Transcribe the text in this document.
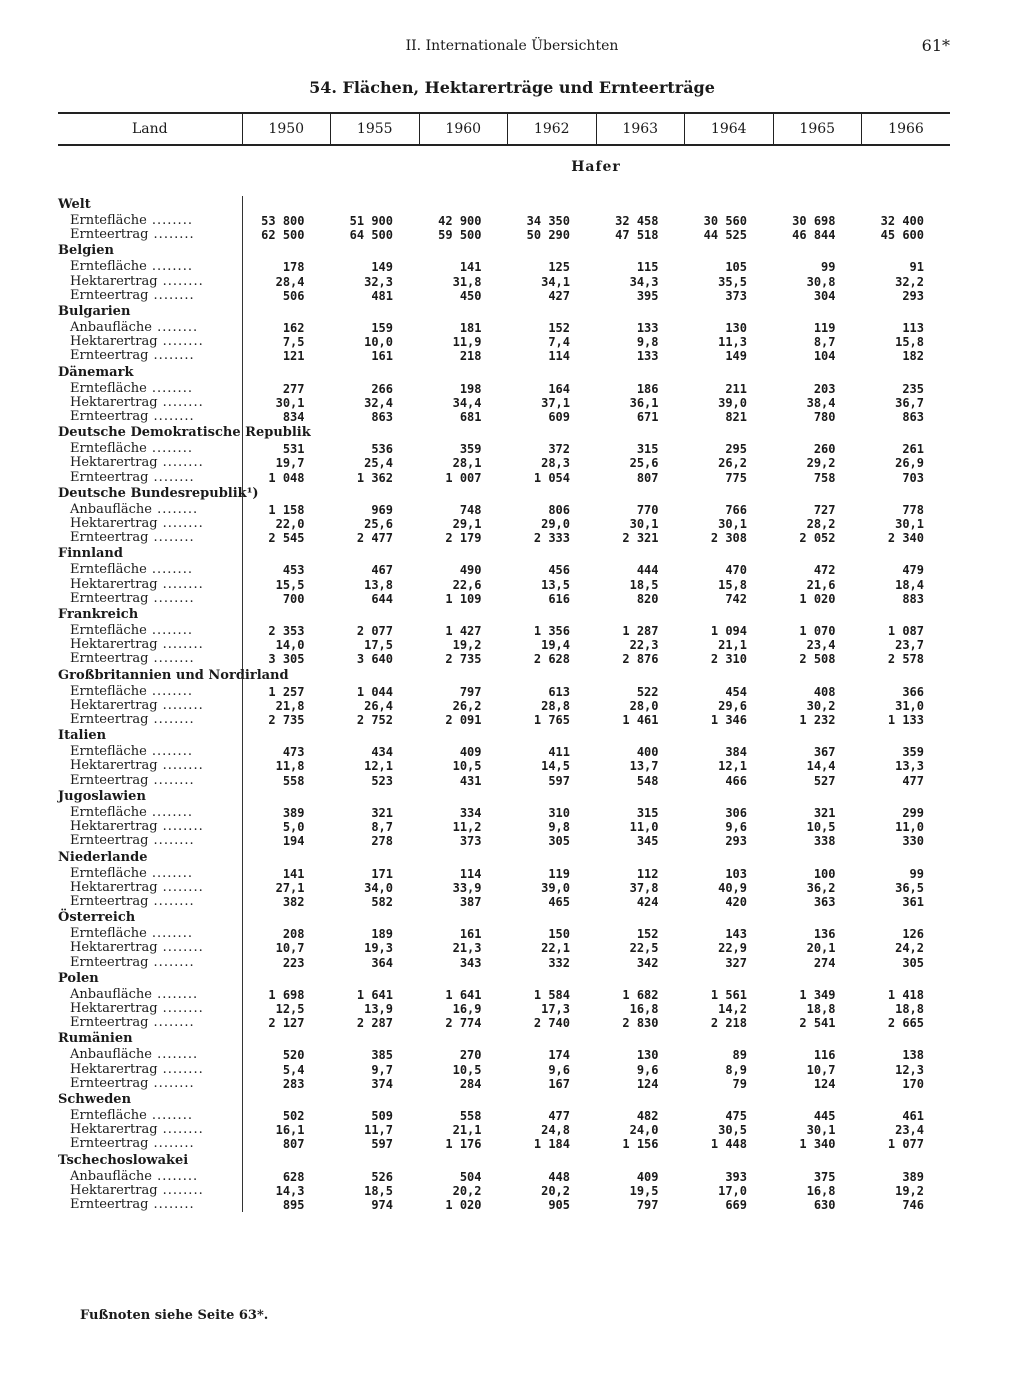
II. Internationale Übersichten	61*
54. Flächen, Hektarerträge und Ernteerträge
Land	1950	1955	1960	1962	1963	1964	1965	1966
	Hafer							
Welt								
Erntefläche ........	53 800	51 900	42 900	34 350	32 458	30 560	30 698	32 400
Ernteertrag ........	62 500	64 500	59 500	50 290	47 518	44 525	46 844	45 600
Belgien								
Erntefläche ........	178	149	141	125	115	105	99	91
Hektarertrag ........	28,4	32,3	31,8	34,1	34,3	35,5	30,8	32,2
Ernteertrag ........	506	481	450	427	395	373	304	293
Bulgarien								
Anbaufläche ........	162	159	181	152	133	130	119	113
Hektarertrag ........	7,5	10,0	11,9	7,4	9,8	11,3	8,7	15,8
Ernteertrag ........	121	161	218	114	133	149	104	182
Dänemark								
Erntefläche ........	277	266	198	164	186	211	203	235
Hektarertrag ........	30,1	32,4	34,4	37,1	36,1	39,0	38,4	36,7
Ernteertrag ........	834	863	681	609	671	821	780	863
Deutsche Demokratische Republik								
Erntefläche ........	531	536	359	372	315	295	260	261
Hektarertrag ........	19,7	25,4	28,1	28,3	25,6	26,2	29,2	26,9
Ernteertrag ........	1 048	1 362	1 007	1 054	807	775	758	703
Deutsche Bundesrepublik¹)								
Anbaufläche ........	1 158	969	748	806	770	766	727	778
Hektarertrag ........	22,0	25,6	29,1	29,0	30,1	30,1	28,2	30,1
Ernteertrag ........	2 545	2 477	2 179	2 333	2 321	2 308	2 052	2 340
Finnland								
Erntefläche ........	453	467	490	456	444	470	472	479
Hektarertrag ........	15,5	13,8	22,6	13,5	18,5	15,8	21,6	18,4
Ernteertrag ........	700	644	1 109	616	820	742	1 020	883
Frankreich								
Erntefläche ........	2 353	2 077	1 427	1 356	1 287	1 094	1 070	1 087
Hektarertrag ........	14,0	17,5	19,2	19,4	22,3	21,1	23,4	23,7
Ernteertrag ........	3 305	3 640	2 735	2 628	2 876	2 310	2 508	2 578
Großbritannien und Nordirland								
Erntefläche ........	1 257	1 044	797	613	522	454	408	366
Hektarertrag ........	21,8	26,4	26,2	28,8	28,0	29,6	30,2	31,0
Ernteertrag ........	2 735	2 752	2 091	1 765	1 461	1 346	1 232	1 133
Italien								
Erntefläche ........	473	434	409	411	400	384	367	359
Hektarertrag ........	11,8	12,1	10,5	14,5	13,7	12,1	14,4	13,3
Ernteertrag ........	558	523	431	597	548	466	527	477
Jugoslawien								
Erntefläche ........	389	321	334	310	315	306	321	299
Hektarertrag ........	5,0	8,7	11,2	9,8	11,0	9,6	10,5	11,0
Ernteertrag ........	194	278	373	305	345	293	338	330
Niederlande								
Erntefläche ........	141	171	114	119	112	103	100	99
Hektarertrag ........	27,1	34,0	33,9	39,0	37,8	40,9	36,2	36,5
Ernteertrag ........	382	582	387	465	424	420	363	361
Österreich								
Erntefläche ........	208	189	161	150	152	143	136	126
Hektarertrag ........	10,7	19,3	21,3	22,1	22,5	22,9	20,1	24,2
Ernteertrag ........	223	364	343	332	342	327	274	305
Polen								
Anbaufläche ........	1 698	1 641	1 641	1 584	1 682	1 561	1 349	1 418
Hektarertrag ........	12,5	13,9	16,9	17,3	16,8	14,2	18,8	18,8
Ernteertrag ........	2 127	2 287	2 774	2 740	2 830	2 218	2 541	2 665
Rumänien								
Anbaufläche ........	520	385	270	174	130	89	116	138
Hektarertrag ........	5,4	9,7	10,5	9,6	9,6	8,9	10,7	12,3
Ernteertrag ........	283	374	284	167	124	79	124	170
Schweden								
Erntefläche ........	502	509	558	477	482	475	445	461
Hektarertrag ........	16,1	11,7	21,1	24,8	24,0	30,5	30,1	23,4
Ernteertrag ........	807	597	1 176	1 184	1 156	1 448	1 340	1 077
Tschechoslowakei								
Anbaufläche ........	628	526	504	448	409	393	375	389
Hektarertrag ........	14,3	18,5	20,2	20,2	19,5	17,0	16,8	19,2
Ernteertrag ........	895	974	1 020	905	797	669	630	746
Fußnoten siehe Seite 63*.
